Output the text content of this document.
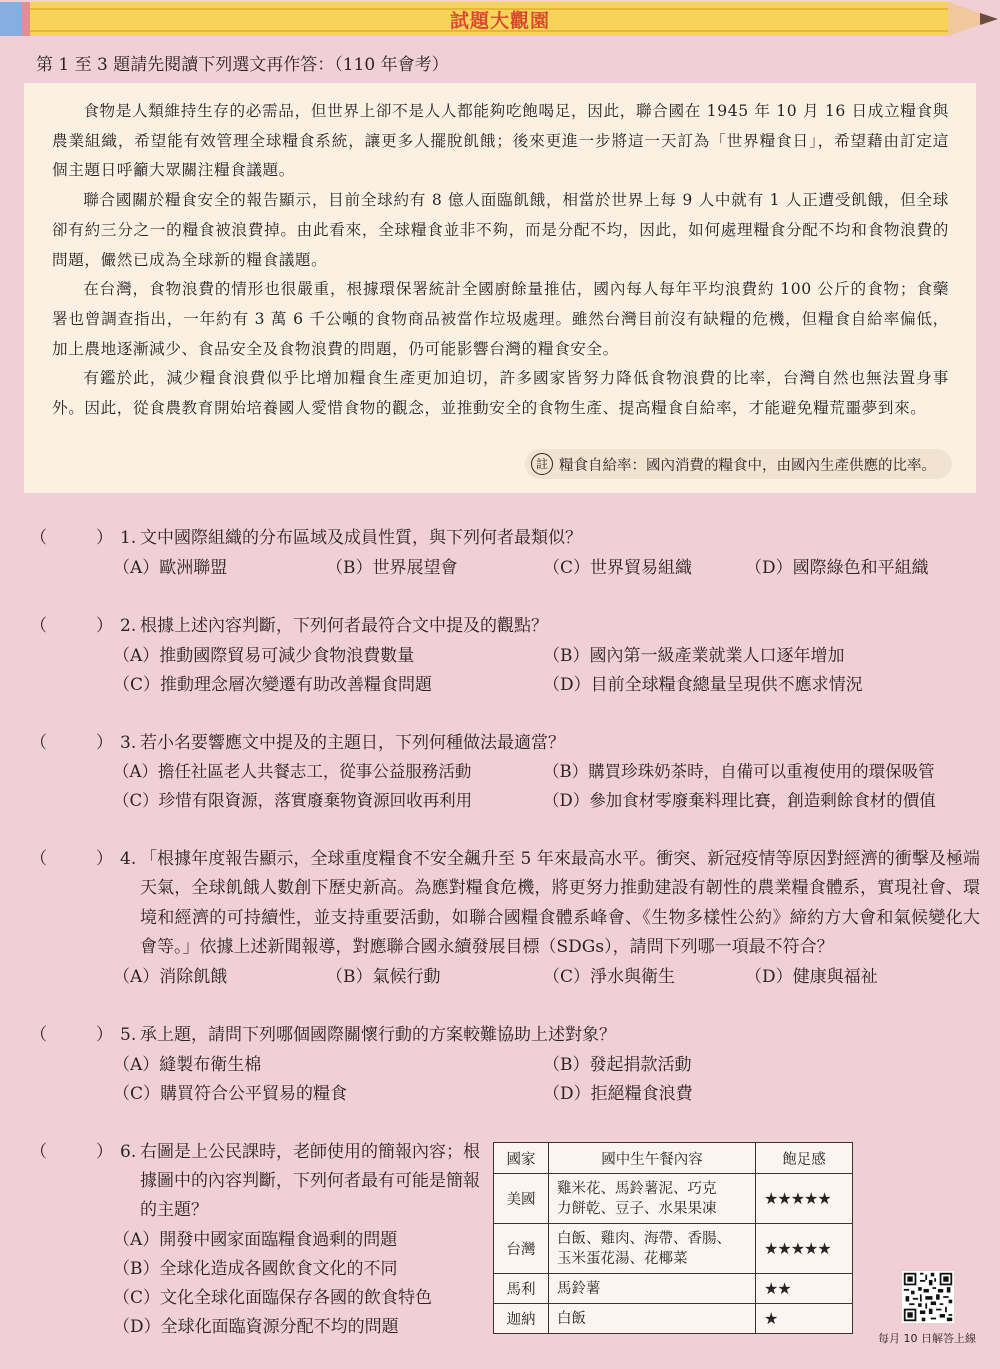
試題大觀園
第 1 至 3 題請先閱讀下列選文再作答：（110 年會考）

食物是人類維持生存的必需品，但世界上卻不是人人都能夠吃飽喝足，因此，聯合國在 1945 年 10 月 16 日成立糧食與農業組織，希望能有效管理全球糧食系統，讓更多人擺脫飢餓；後來更進一步將這一天訂為「世界糧食日」，希望藉由訂定這個主題日呼籲大眾關注糧食議題。

聯合國關於糧食安全的報告顯示，目前全球約有 8 億人面臨飢餓，相當於世界上每 9 人中就有 1 人正遭受飢餓，但全球卻有約三分之一的糧食被浪費掉。由此看來，全球糧食並非不夠，而是分配不均，因此，如何處理糧食分配不均和食物浪費的問題，儼然已成為全球新的糧食議題。

在台灣，食物浪費的情形也很嚴重，根據環保署統計全國廚餘量推估，國內每人每年平均浪費約 100 公斤的食物；食藥署也曾調查指出，一年約有 3 萬 6 千公噸的食物商品被當作垃圾處理。雖然台灣目前沒有缺糧的危機，但糧食自給率偏低，加上農地逐漸減少、食品安全及食物浪費的問題，仍可能影響台灣的糧食安全。

有鑑於此，減少糧食浪費似乎比增加糧食生產更加迫切，許多國家皆努力降低食物浪費的比率，台灣自然也無法置身事外。因此，從食農教育開始培養國人愛惜食物的觀念，並推動安全的食物生產、提高糧食自給率，才能避免糧荒噩夢到來。

註 糧食自給率：國內消費的糧食中，由國內生產供應的比率。
（	） 1. 文中國際組織的分布區域及成員性質，與下列何者最類似？
（A）歐洲聯盟	（B）世界展望會	（C）世界貿易組織	（D）國際綠色和平組織
（	） 2. 根據上述內容判斷，下列何者最符合文中提及的觀點？
（A）推動國際貿易可減少食物浪費數量	（B）國內第一級產業就業人口逐年增加
（C）推動理念層次變遷有助改善糧食問題	（D）目前全球糧食總量呈現供不應求情況
（	） 3. 若小名要響應文中提及的主題日，下列何種做法最適當？
（A）擔任社區老人共餐志工，從事公益服務活動	（B）購買珍珠奶茶時，自備可以重複使用的環保吸管
（C）珍惜有限資源，落實廢棄物資源回收再利用	（D）參加食材零廢棄料理比賽，創造剩餘食材的價值
（	） 4. 「根據年度報告顯示，全球重度糧食不安全飆升至 5 年來最高水平。衝突、新冠疫情等原因對經濟的衝擊及極端天氣，全球飢餓人數創下歷史新高。為應對糧食危機，將更努力推動建設有韌性的農業糧食體系，實現社會、環境和經濟的可持續性，並支持重要活動，如聯合國糧食體系峰會、《生物多樣性公約》締約方大會和氣候變化大會等。」依據上述新聞報導，對應聯合國永續發展目標（SDGs），請問下列哪一項最不符合？
（A）消除飢餓	（B）氣候行動	（C）淨水與衛生	（D）健康與福祉
（	） 5. 承上題，請問下列哪個國際關懷行動的方案較難協助上述對象？
（A）縫製布衛生棉	（B）發起捐款活動
（C）購買符合公平貿易的糧食	（D）拒絕糧食浪費
（	） 6. 右圖是上公民課時，老師使用的簡報內容；根據圖中的內容判斷，下列何者最有可能是簡報的主題？
（A）開發中國家面臨糧食過剩的問題
（B）全球化造成各國飲食文化的不同
（C）文化全球化面臨保存各國的飲食特色
（D）全球化面臨資源分配不均的問題
國家	國中生午餐內容	飽足感
美國	雞米花、馬鈴薯泥、巧克
力餅乾、豆子、水果果凍	★★★★★
台灣	白飯、雞肉、海帶、香腸、
玉米蛋花湯、花椰菜	★★★★★
馬利	馬鈴薯	★★
迦納	白飯	★
每月 10 日解答上線
